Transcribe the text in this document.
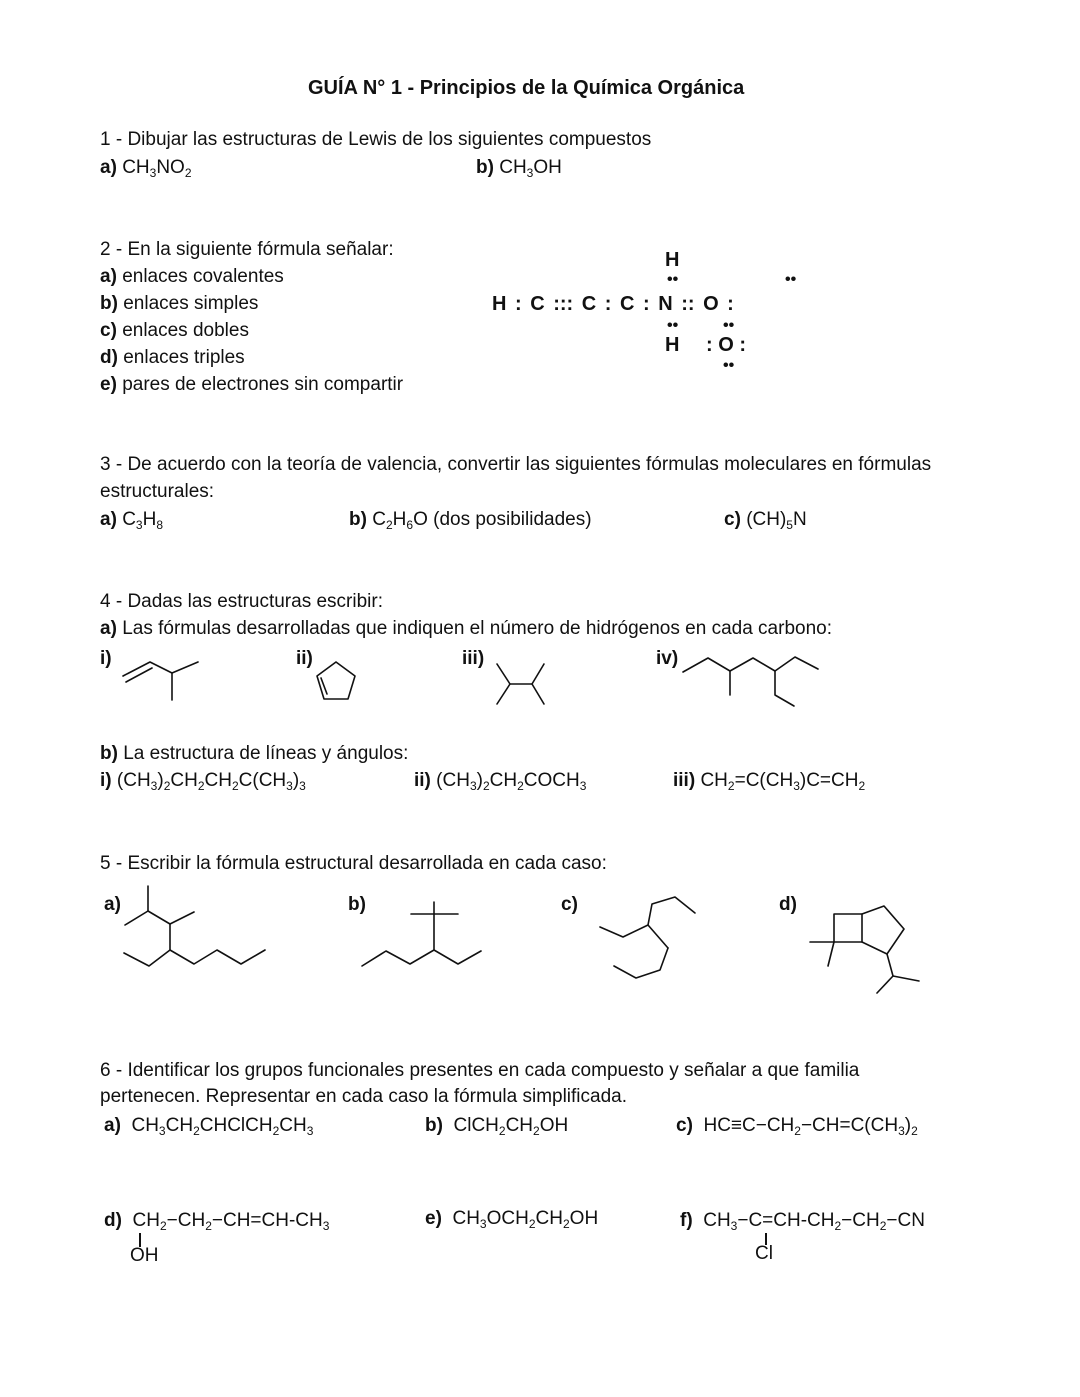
GUÍA N° 1 - Principios de la Química Orgánica
1 - Dibujar las estructuras de Lewis de los siguientes compuestos
a) $CH_3NO_2$	b) $CH_3OH$
2 - En la siguiente fórmula señalar:
a) enlaces covalentes
b) enlaces simples
c) enlaces dobles
d) enlaces triples
e) pares de electrones sin compartir
H
••	••
H : C ::: C : C : N :: O :
••	••
H : O :
••
3 - De acuerdo con la teoría de valencia, convertir las siguientes fórmulas moleculares en fórmulas
estructurales:
a) $C_3H_8$	b) $C_2H_6O$ (dos posibilidades)	c) $(CH)_5N$
4 - Dadas las estructuras escribir:
a) Las fórmulas desarrolladas que indiquen el número de hidrógenos en cada carbono:
i)	ii)	iii)	iv)
b) La estructura de líneas y ángulos:
i) $(CH_3)_2CH_2CH_2C(CH_3)_3$	ii) $(CH_3)_2CH_2COCH_3$	iii) $CH_2=C(CH_3)C=CH_2$
5 - Escribir la fórmula estructural desarrollada en cada caso:
a)	b)	c)	d)
6 - Identificar los grupos funcionales presentes en cada compuesto y señalar a que familia
pertenecen. Representar en cada caso la fórmula simplificada.
a) $CH_3CH_2CHClCH_2CH_3$	b) $ClCH_2CH_2OH$	c) $HC\equiv C-CH_2-CH=C(CH_3)_2$
d) $CH_2-CH_2-CH=CH-CH_3$
OH
e) $CH_3OCH_2CH_2OH$	f) $CH_3-C=CH-CH_2-CH_2-CN$
Cl
